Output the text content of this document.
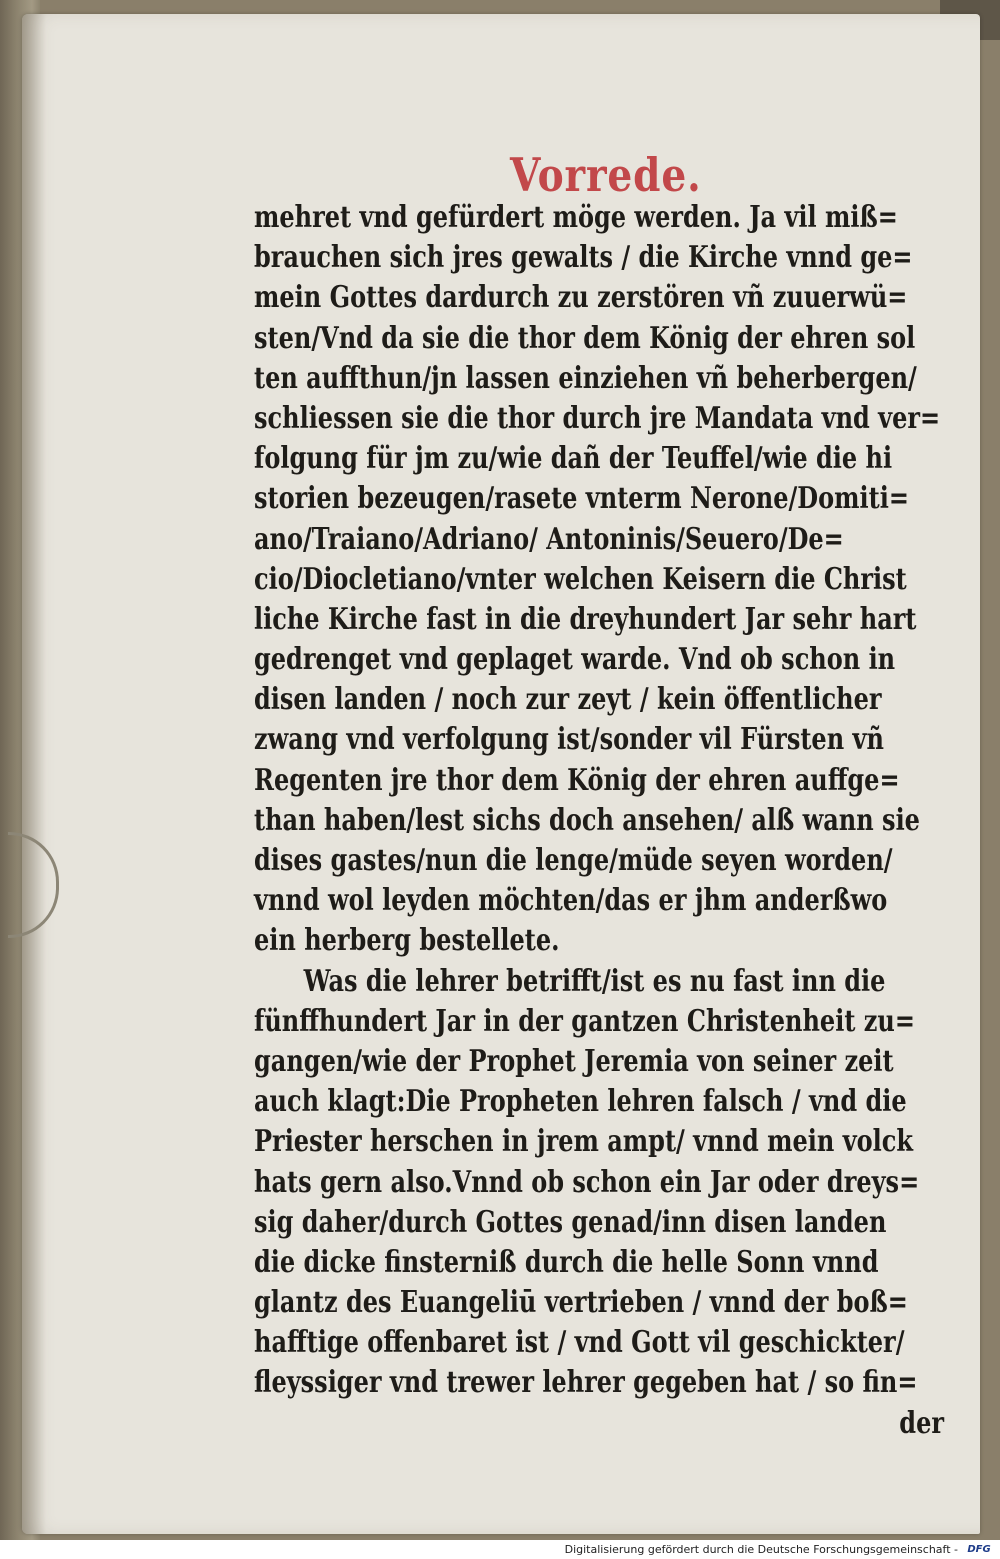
Vorrede.
mehret vnd gefürdert möge werden. Ja vil miß=
brauchen sich jres gewalts / die Kirche vnnd ge=
mein Gottes dardurch zu zerstören vñ zuuerwü=
sten/Vnd da sie die thor dem König der ehren sol
ten auffthun/jn lassen einziehen vñ beherbergen/
schliessen sie die thor durch jre Mandata vnd ver=
folgung für jm zu/wie dañ der Teuffel/wie die hi
storien bezeugen/rasete vnterm Nerone/Domiti=
ano/Traiano/Adriano/ Antoninis/Seuero/De=
cio/Diocletiano/vnter welchen Keisern die Christ
liche Kirche fast in die dreyhundert Jar sehr hart
gedrenget vnd geplaget warde. Vnd ob schon in
disen landen / noch zur zeyt / kein öffentlicher
zwang vnd verfolgung ist/sonder vil Fürsten vñ
Regenten jre thor dem König der ehren auffge=
than haben/lest sichs doch ansehen/ alß wann sie
dises gastes/nun die lenge/müde seyen worden/
vnnd wol leyden möchten/das er jhm anderßwo
ein herberg bestellete.
Was die lehrer betrifft/ist es nu fast inn die
fünffhundert Jar in der gantzen Christenheit zu=
gangen/wie der Prophet Jeremia von seiner zeit
auch klagt:Die Propheten lehren falsch / vnd die
Priester herschen in jrem ampt/ vnnd mein volck
hats gern also.Vnnd ob schon ein Jar oder dreys=
sig daher/durch Gottes genad/inn disen landen
die dicke finsterniß durch die helle Sonn vnnd
glantz des Euangeliū vertrieben / vnnd der boß=
hafftige offenbaret ist / vnd Gott vil geschickter/
fleyssiger vnd trewer lehrer gegeben hat / so fin=
der

Digitalisierung gefördert durch die Deutsche Forschungsgemeinschaft - DFG
